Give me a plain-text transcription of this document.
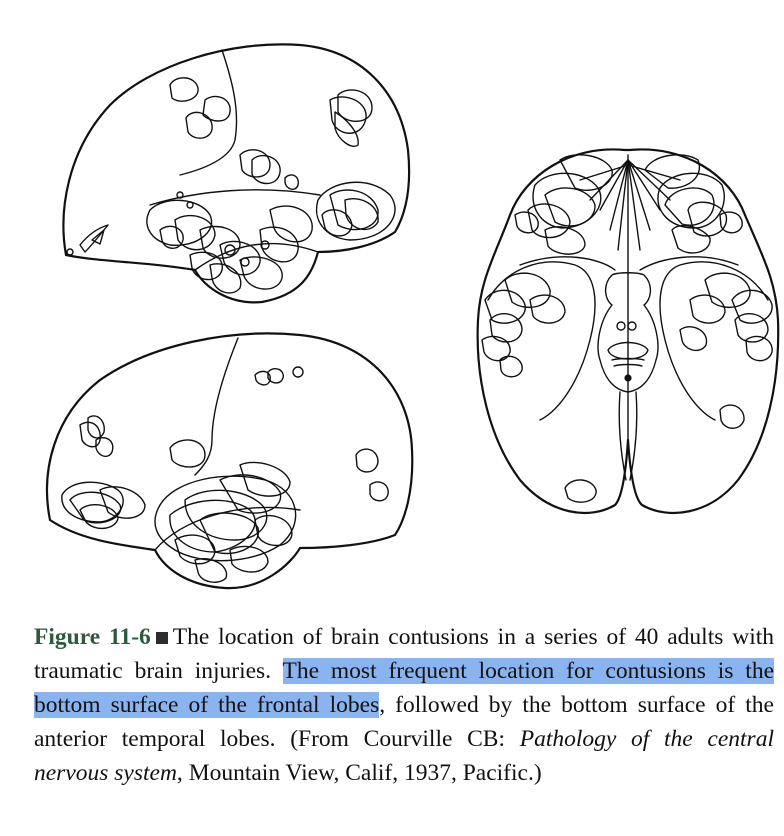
Figure 11-6 The location of brain contusions in a series of 40 adults with traumatic brain injuries. The most frequent location for contusions is the bottom surface of the frontal lobes, followed by the bottom surface of the anterior temporal lobes. (From Courville CB: Pathology of the central nervous system, Mountain View, Calif, 1937, Pacific.)
